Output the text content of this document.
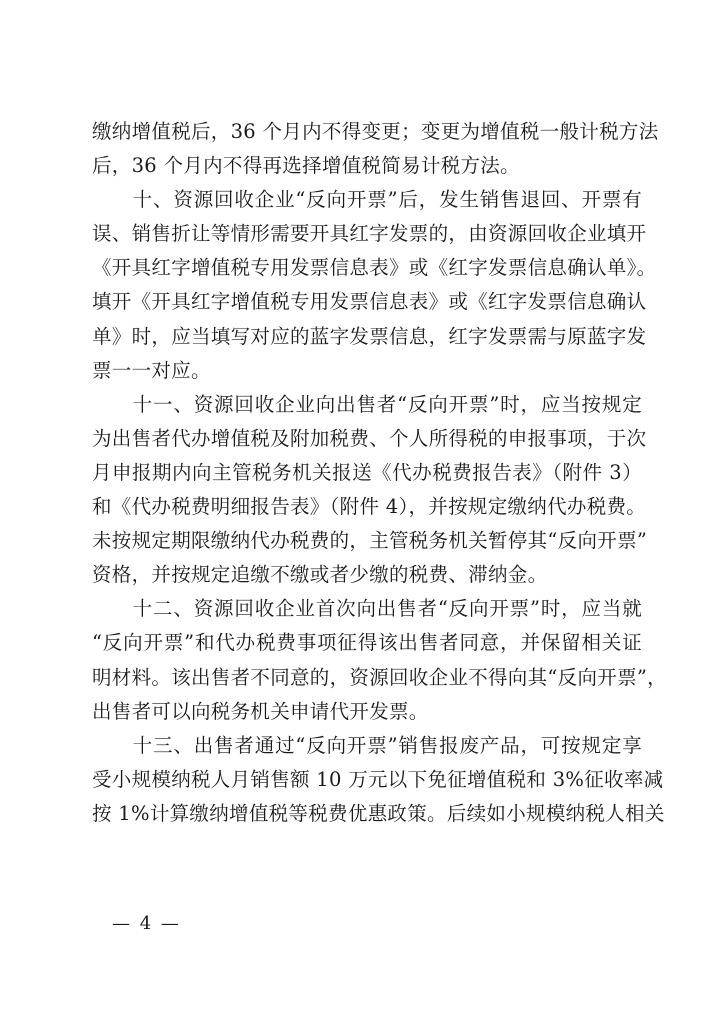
缴纳增值税后，36 个月内不得变更；变更为增值税一般计税方法
后，36 个月内不得再选择增值税简易计税方法。
　　十、资源回收企业“反向开票”后，发生销售退回、开票有
误、销售折让等情形需要开具红字发票的，由资源回收企业填开
《开具红字增值税专用发票信息表》或《红字发票信息确认单》。
填开《开具红字增值税专用发票信息表》或《红字发票信息确认
单》时，应当填写对应的蓝字发票信息，红字发票需与原蓝字发
票一一对应。
　　十一、资源回收企业向出售者“反向开票”时，应当按规定
为出售者代办增值税及附加税费、个人所得税的申报事项，于次
月申报期内向主管税务机关报送《代办税费报告表》（附件 3）
和《代办税费明细报告表》（附件 4），并按规定缴纳代办税费。
未按规定期限缴纳代办税费的，主管税务机关暂停其“反向开票”
资格，并按规定追缴不缴或者少缴的税费、滞纳金。
　　十二、资源回收企业首次向出售者“反向开票”时，应当就
“反向开票”和代办税费事项征得该出售者同意，并保留相关证
明材料。该出售者不同意的，资源回收企业不得向其“反向开票”，
出售者可以向税务机关申请代开发票。
　　十三、出售者通过“反向开票”销售报废产品，可按规定享
受小规模纳税人月销售额 10 万元以下免征增值税和 3%征收率减
按 1%计算缴纳增值税等税费优惠政策。后续如小规模纳税人相关
— 4 —
